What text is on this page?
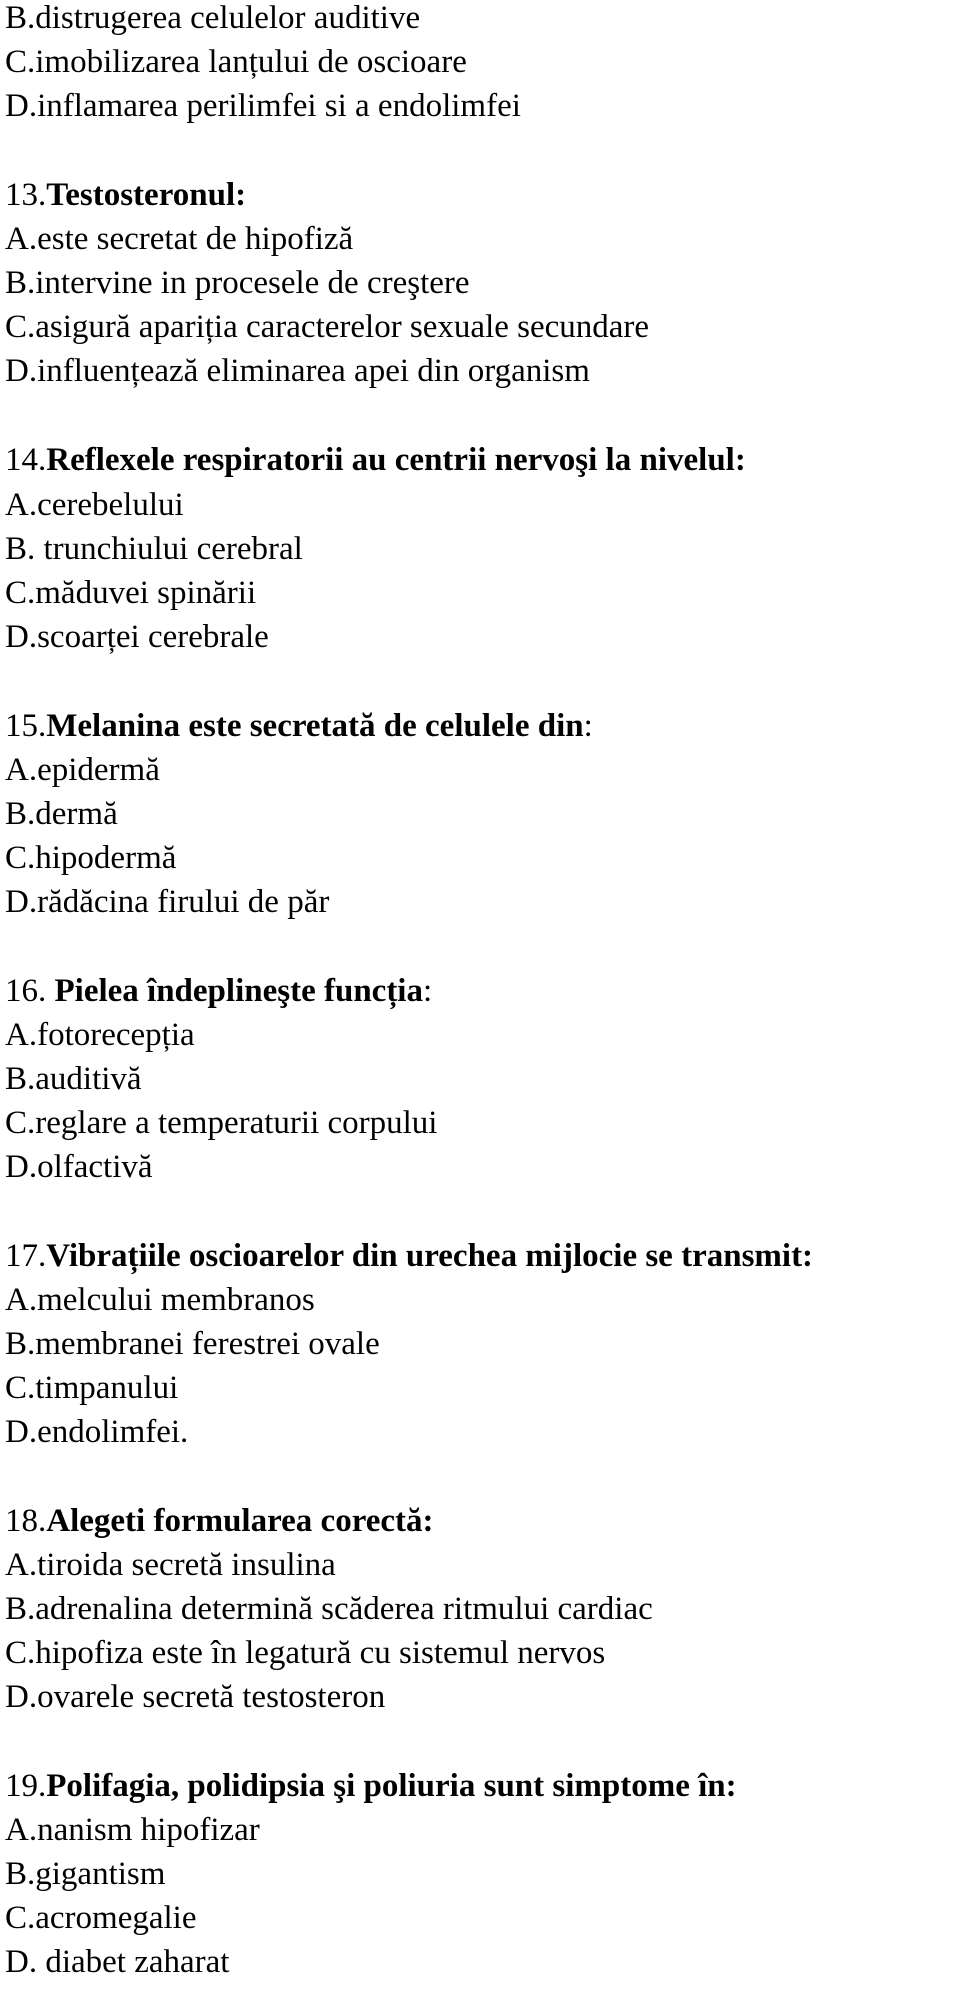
B.distrugerea celulelor auditive
C.imobilizarea lanțului de oscioare
D.inflamarea perilimfei si a endolimfei
13.Testosteronul:
A.este secretat de hipofiză
B.intervine in procesele de creştere
C.asigură apariția caracterelor sexuale secundare
D.influențează eliminarea apei din organism
14.Reflexele respiratorii au centrii nervoşi la nivelul:
A.cerebelului
B. trunchiului cerebral
C.măduvei spinării
D.scoarței cerebrale
15.Melanina este secretată de celulele din:
A.epidermă
B.dermă
C.hipodermă
D.rădăcina firului de păr
16. Pielea îndeplineşte funcția:
A.fotorecepția
B.auditivă
C.reglare a temperaturii corpului
D.olfactivă
17.Vibrațiile oscioarelor din urechea mijlocie se transmit:
A.melcului membranos
B.membranei ferestrei ovale
C.timpanului
D.endolimfei.
18.Alegeti formularea corectă:
A.tiroida secretă insulina
B.adrenalina determină scăderea ritmului cardiac
C.hipofiza este în legatură cu sistemul nervos
D.ovarele secretă testosteron
19.Polifagia, polidipsia şi poliuria sunt simptome în:
A.nanism hipofizar
B.gigantism
C.acromegalie
D. diabet zaharat
